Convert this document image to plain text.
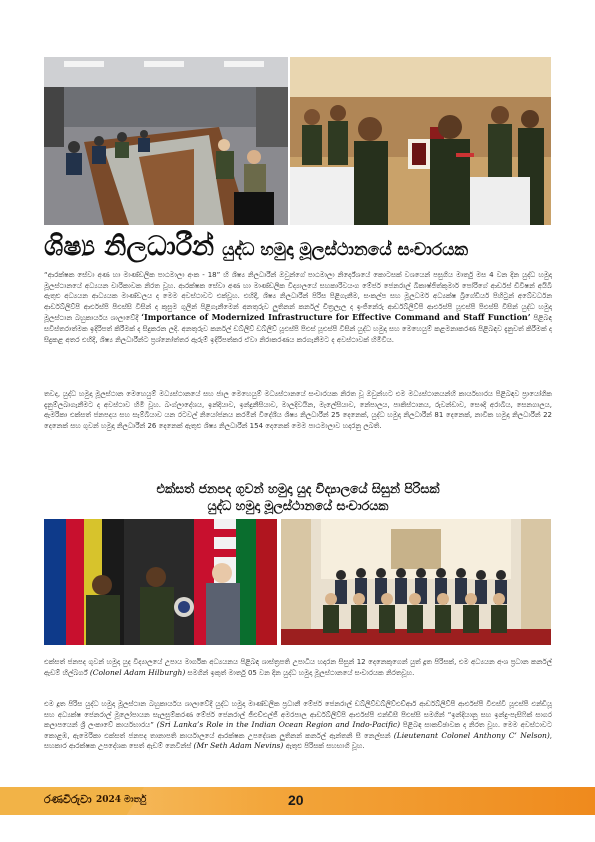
ශිෂ්‍ය නිලධාරීන් යුද්ධ හමුදා මූලස්ථානයේ සංචාරයක

“ආරක්ෂක සේවා අණ හා මාණ්ඩලික පාඨමාලා අංක - 18” හි ශිෂ්‍ය නිලධාරීන් ඔවුන්ගේ පාඨමාලා නිර්දේශයේ කොටසක් වශයෙන් පසුගිය මාර්තු මස 4 වන දින යුද්ධ හමුදා මූලස්ථානයේ අධ්‍යයන චාරිකාවක නිරත වූහ. ආරක්ෂක සේවා අණ හා මාණ්ඩලික විද්‍යාලයේ සහකාරිවයංග මේජර් ජෙනරාල් බිකාෂ්ජිත්කුමාර් පෝරිගේ ආර්ඩස් ඩිවිෂන් අයිබී ඇතුළු අධ්‍යයන ආධ්‍යයක මාණ්ඩලය ද මෙම අවස්ථාවට එක්වූහ. එහිදී, ශිෂ්‍ය නිලධාරීන් පිරිස පිළිගැනීම, සංකල්ප සහ මූලධර්ම අධ්‍යක්ෂ බ්‍රිගේඩියර් පිහිටුන් අබේවර්ධන ආර්ඩබ්ලිව්පී ආර්එස්පී පීඑස්සි විසින් ද කුසුම ගුලින් පිළිගැනීමෙන් අනතුරුව ලුතිනන් කර්නල් චිත්‍රලැල ද ඉංජිනේරු ආර්ඩබ්ලිව්පී ආර්එස්පී යූඑස්පී පීඑස්සි විසින් යුද්ධ හමුදා මූලස්ථාන බහුකාර්යය ශාලාවේදී ‘Importance of Modernized Infrastructure for Effective Command and Staff Function’ පිළිබඳ සවිස්තරාත්මක ඉදිරිපත් කිරීමක් ද සිදුකරන ලදි. අනතුරුව කර්නල් ඩබ්ලිව් ඩබ්ලිව් යූඑස්පී පීඑස් යූඑස්පී විසින් යුද්ධ හමුදා සහ මෙහෙයුම් කළමනාකරණ පිළිබඳව දැනුවත් කිරීමක් ද සිදුකළ අතර එහිදී, ශිෂ්‍ය නිලධාරීන්ට ප්‍රශ්නෝත්තර ඇරුම් ඉදිරිපත්කර ඒවා නිරාකරණය කරගැනීමට ද අවස්ථාවක් හිමිවිය.

තවද, යුද්ධ හමුදා මූලස්ථාන මෙහෙයුම් මධ්‍යස්ථානයේ සහ ජාල මෙහෙයුම් මධ්‍යස්ථානයේ සංචාරයක නිරත වූ ඔවුන්හට එම මධ්‍යස්ථානයන්හි කාර්යභාරය පිළිබඳව ප්‍රායෝගික දැනුම්ලබාගැනීමට ද අවස්ථාව හිමි වූහ. බංග්ලාදේශය, ඉන්දියාව, ඉන්දුනීසියාව, මාලදිවයින, මැලේසියාව, නේපාලය, පාකිස්ථානය, රුවන්ඩාව, සෞදි අරාබිය, සෙනගාලය, ඇමරිකා එක්සත් ජනපදය සහ සැම්බියාව යන රටවල් නියෝජනය කරමින් විදේශීය ශිෂ්‍ය නිලධාරීන් 25 දෙනෙක්, යුද්ධ හමුදා නිලධාරීන් 81 දෙනෙක්, නාවික හමුදා නිලධාරීන් 22 දෙනෙක් සහ ගුවන් හමුදා නිලධාරීන් 26 දෙනෙක් ඇතුළු ශිෂ්‍ය නිලධාරීන් 154 දෙනෙක් මෙම පාඨමාලාව හදාරනු ලබති.

එක්සත් ජනපද ගුවන් හමුදා යුද විද්‍යාලයේ සිසුන් පිරිසක්

යුද්ධ හමුදා මූලස්ථානයේ සංචාරයක

එක්සත් ජනපද ගුවන් හමුදා යුද විද්‍යාලයේ උපාය මාර්ගික අධ්‍යයනය පිළිබඳ ශාස්ත්‍රපති උපාධිය හදාරන සිසුන් 12 දෙනෙකුගෙන් යුත් දූත පිරිසක්, එම අධ්‍යයන අංශ ප්‍රධාන කර්නල් ඇඩම් හිල්බර්ග් (Colonel Adam Hilburgh) සමගින් ඉකුත් මාර්තු 05 වන දින යුද්ධ හමුදා මූලස්ථානයේ සංචාරයක නිරතවූහ.

එම දූත පිරිස යුද්ධ හමුදා මූලස්ථාන බහුකාර්යය ශාලාවේදී යුද්ධ හමුදා මාණ්ඩලික ප්‍රධානී මේජර් ජෙනරාල් ඩබ්ලිව්ඩබ්ලිව්එච්ආර් ආර්ඩබ්ලිව්පී ආර්එස්පී විඑස්වී යූඑස්පී එන්ඩීයූ සහ අධ්‍යක්ෂ ජෙනරාල් මූලෝපායන සැලසුම්කරණ මේජර් ජෙනරාල් ජීඑච්එල්ජී අමරපාල ආර්ඩබ්ලිව්පී ආර්එස්පී එන්ඩීසී පීඑස්සි සමගින් “ඉන්දියානු සහ ඉන්දු-පැසිෆික් සාගර කලාපයෙන් ශ්‍රී ලංකාවේ කාර්යභාරය” (Sri Lanka’s Role in the Indian Ocean Region and Indo-Pacific) පිළිබඳ සාකච්ඡාවක ද නිරත වූහ. මෙම අවස්ථාවට කොළඹ, ඇමෙරිකා එක්සත් ජනපද තානාපති කාර්යාලයේ ආරක්ෂක උපදේශක ලුතිනන් කර්නල් ඇන්තනි සී නෙල්සන් (Lieutenant Colonel Anthony C’ Nelson), සහකාර ආරක්ෂක උපදේශක සෙත් ඇඩම් නෙවින්ස් (Mr Seth Adam Nevins) ඇතුළු පිරිසක් සහභාගි වූහ.

රණවිරුවා 2024 මාර්තු	20
